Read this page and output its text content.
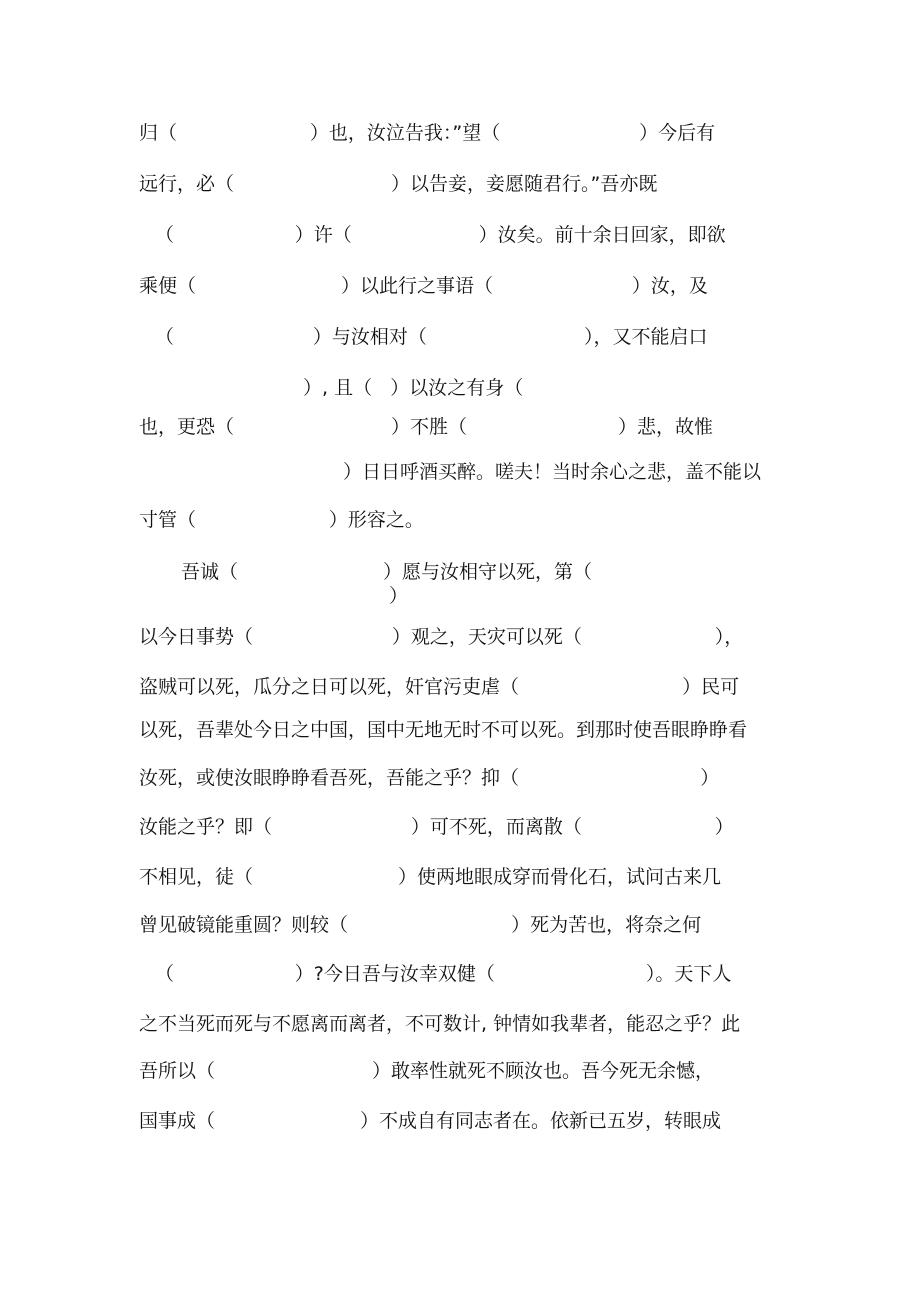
归（                      ）也，汝泣告我：”望（                       ）今后有

远行，必（                          ）以告妾，妾愿随君行。”吾亦既

（                    ）许（                     ）汝矣。前十余日回家，即欲

乘便（                        ）以此行之事语（                       ）汝，及

（                       ）与汝相对（                          ），又不能启口

）, 且（   ）以汝之有身（

也，更恐（                          ）不胜（                         ）悲，故惟

）日日呼酒买醉。嗟夫！当时余心之悲，盖不能以

寸管（                      ）形容之。

吾诚（                        ）愿与汝相守以死，第（

）

以今日事势（                       ）观之，天灾可以死（                      ），

盗贼可以死，瓜分之日可以死，奸官污吏虐（                           ）民可

以死，吾辈处今日之中国，国中无地无时不可以死。到那时使吾眼睁睁看

汝死，或使汝眼睁睁看吾死，吾能之乎？抑（                              ）

汝能之乎？即（                       ）可不死，而离散（                      ）

不相见，徒（                        ）使两地眼成穿而骨化石，试问古来几

曾见破镜能重圆？则较（                           ）死为苦也，将奈之何

（                    ）?今日吾与汝幸双健（                         ）。天下人

之不当死而死与不愿离而离者，不可数计, 钟情如我辈者，能忍之乎？此

吾所以（                          ）敢率性就死不顾汝也。吾今死无余憾，

国事成（                        ）不成自有同志者在。依新已五岁，转眼成
